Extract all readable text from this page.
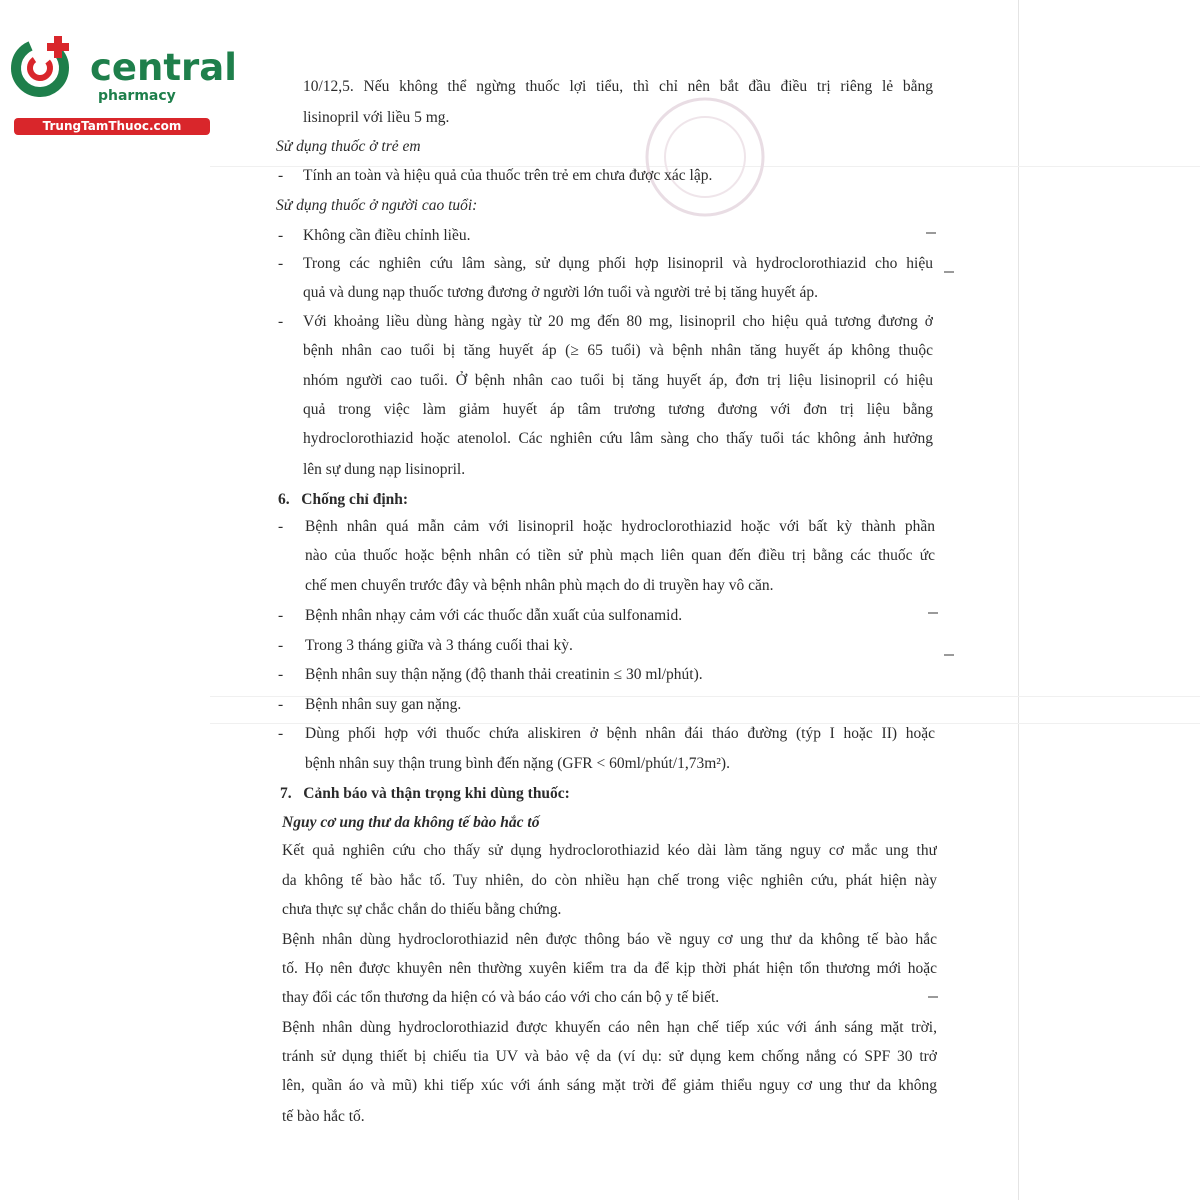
central
pharmacy
TrungTamThuoc.com
10/12,5. Nếu không thể ngừng thuốc lợi tiểu, thì chỉ nên bắt đầu điều trị riêng lẻ bằng
lisinopril với liều 5 mg.
Sử dụng thuốc ở trẻ em
- Tính an toàn và hiệu quả của thuốc trên trẻ em chưa được xác lập.
Sử dụng thuốc ở người cao tuổi:
- Không cần điều chỉnh liều.
- Trong các nghiên cứu lâm sàng, sử dụng phối hợp lisinopril và hydroclorothiazid cho hiệu
quả và dung nạp thuốc tương đương ở người lớn tuổi và người trẻ bị tăng huyết áp.
- Với khoảng liều dùng hàng ngày từ 20 mg đến 80 mg, lisinopril cho hiệu quả tương đương ở
bệnh nhân cao tuổi bị tăng huyết áp (≥ 65 tuổi) và bệnh nhân tăng huyết áp không thuộc
nhóm người cao tuổi. Ở bệnh nhân cao tuổi bị tăng huyết áp, đơn trị liệu lisinopril có hiệu
quả trong việc làm giảm huyết áp tâm trương tương đương với đơn trị liệu bằng
hydroclorothiazid hoặc atenolol. Các nghiên cứu lâm sàng cho thấy tuổi tác không ảnh hưởng
lên sự dung nạp lisinopril.
6.   Chống chỉ định:
- Bệnh nhân quá mẫn cảm với lisinopril hoặc hydroclorothiazid hoặc với bất kỳ thành phần
nào của thuốc hoặc bệnh nhân có tiền sử phù mạch liên quan đến điều trị bằng các thuốc ức
chế men chuyển trước đây và bệnh nhân phù mạch do di truyền hay vô căn.
- Bệnh nhân nhạy cảm với các thuốc dẫn xuất của sulfonamid.
- Trong 3 tháng giữa và 3 tháng cuối thai kỳ.
- Bệnh nhân suy thận nặng (độ thanh thải creatinin ≤ 30 ml/phút).
- Bệnh nhân suy gan nặng.
- Dùng phối hợp với thuốc chứa aliskiren ở bệnh nhân đái tháo đường (týp I hoặc II) hoặc
bệnh nhân suy thận trung bình đến nặng (GFR < 60ml/phút/1,73m²).
7.   Cảnh báo và thận trọng khi dùng thuốc:
Nguy cơ ung thư da không tế bào hắc tố
Kết quả nghiên cứu cho thấy sử dụng hydroclorothiazid kéo dài làm tăng nguy cơ mắc ung thư
da không tế bào hắc tố. Tuy nhiên, do còn nhiều hạn chế trong việc nghiên cứu, phát hiện này
chưa thực sự chắc chắn do thiếu bằng chứng.
Bệnh nhân dùng hydroclorothiazid nên được thông báo về nguy cơ ung thư da không tế bào hắc
tố. Họ nên được khuyên nên thường xuyên kiểm tra da để kịp thời phát hiện tổn thương mới hoặc
thay đổi các tổn thương da hiện có và báo cáo với cho cán bộ y tế biết.
Bệnh nhân dùng hydroclorothiazid được khuyến cáo nên hạn chế tiếp xúc với ánh sáng mặt trời,
tránh sử dụng thiết bị chiếu tia UV và bảo vệ da (ví dụ: sử dụng kem chống nắng có SPF 30 trở
lên, quần áo và mũ) khi tiếp xúc với ánh sáng mặt trời để giảm thiểu nguy cơ ung thư da không
tế bào hắc tố.
